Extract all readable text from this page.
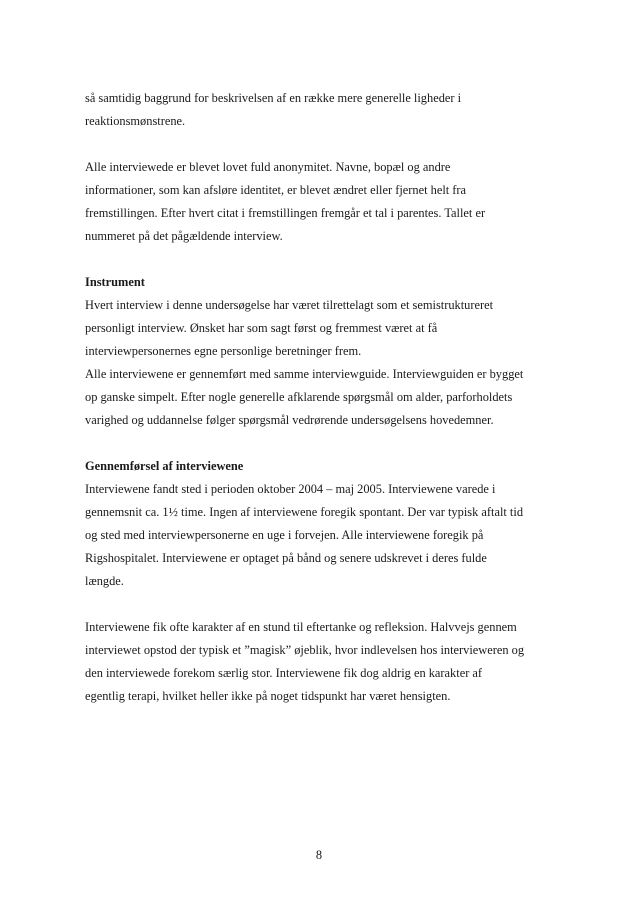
så samtidig baggrund for beskrivelsen af en række mere generelle ligheder i
reaktionsmønstrene.
Alle interviewede er blevet lovet fuld anonymitet. Navne, bopæl og andre
informationer, som kan afsløre identitet, er blevet ændret eller fjernet helt fra
fremstillingen. Efter hvert citat i fremstillingen fremgår et tal i parentes. Tallet er
nummeret på det pågældende interview.
Instrument
Hvert interview i denne undersøgelse har været tilrettelagt som et semistruktureret
personligt interview. Ønsket har som sagt først og fremmest været at få
interviewpersonernes egne personlige beretninger frem.
Alle interviewene er gennemført med samme interviewguide. Interviewguiden er bygget
op ganske simpelt. Efter nogle generelle afklarende spørgsmål om alder, parforholdets
varighed og uddannelse følger spørgsmål vedrørende undersøgelsens hovedemner.
Gennemførsel af interviewene
Interviewene fandt sted i perioden oktober 2004 – maj 2005. Interviewene varede i
gennemsnit ca. 1½ time. Ingen af interviewene foregik spontant. Der var typisk aftalt tid
og sted med interviewpersonerne en uge i forvejen. Alle interviewene foregik på
Rigshospitalet. Interviewene er optaget på bånd og senere udskrevet i deres fulde
længde.
Interviewene fik ofte karakter af en stund til eftertanke og refleksion. Halvvejs gennem
interviewet opstod der typisk et ”magisk” øjeblik, hvor indlevelsen hos intervieweren og
den interviewede forekom særlig stor. Interviewene fik dog aldrig en karakter af
egentlig terapi, hvilket heller ikke på noget tidspunkt har været hensigten.
8
